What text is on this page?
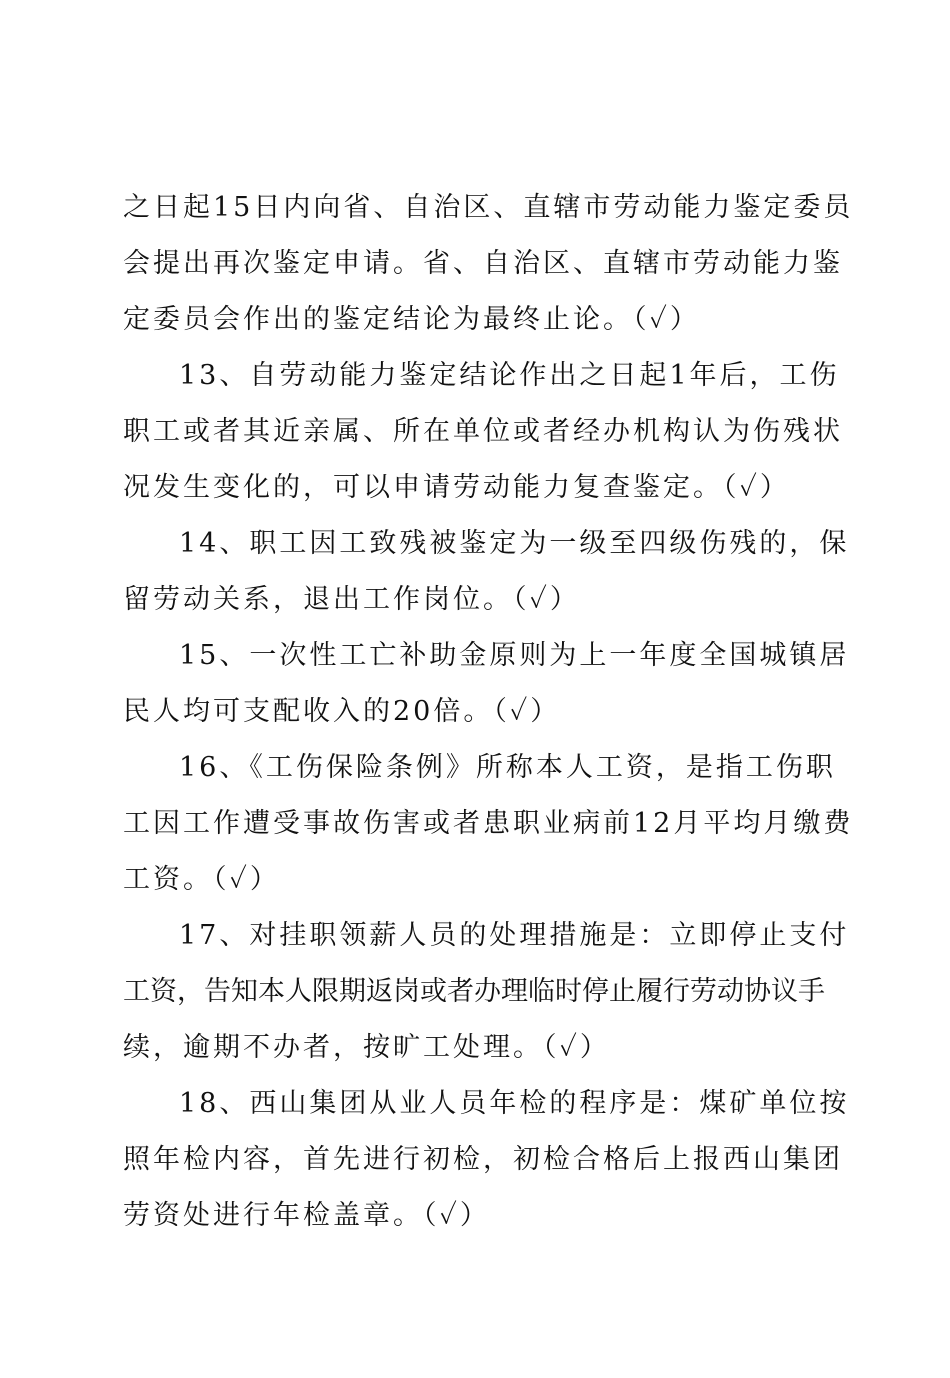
之日起15日内向省、自治区、直辖市劳动能力鉴定委员
会提出再次鉴定申请。省、自治区、直辖市劳动能力鉴
定委员会作出的鉴定结论为最终止论。（✓）

13、自劳动能力鉴定结论作出之日起1年后，工伤
职工或者其近亲属、所在单位或者经办机构认为伤残状
况发生变化的，可以申请劳动能力复查鉴定。（✓）

14、职工因工致残被鉴定为一级至四级伤残的，保
留劳动关系，退出工作岗位。（✓）

15、一次性工亡补助金原则为上一年度全国城镇居
民人均可支配收入的20倍。（✓）

16、《工伤保险条例》所称本人工资，是指工伤职
工因工作遭受事故伤害或者患职业病前12月平均月缴费
工资。（✓）

17、对挂职领薪人员的处理措施是：立即停止支付
工资，告知本人限期返岗或者办理临时停止履行劳动协议手
续，逾期不办者，按旷工处理。（✓）

18、西山集团从业人员年检的程序是：煤矿单位按
照年检内容，首先进行初检，初检合格后上报西山集团
劳资处进行年检盖章。（✓）
